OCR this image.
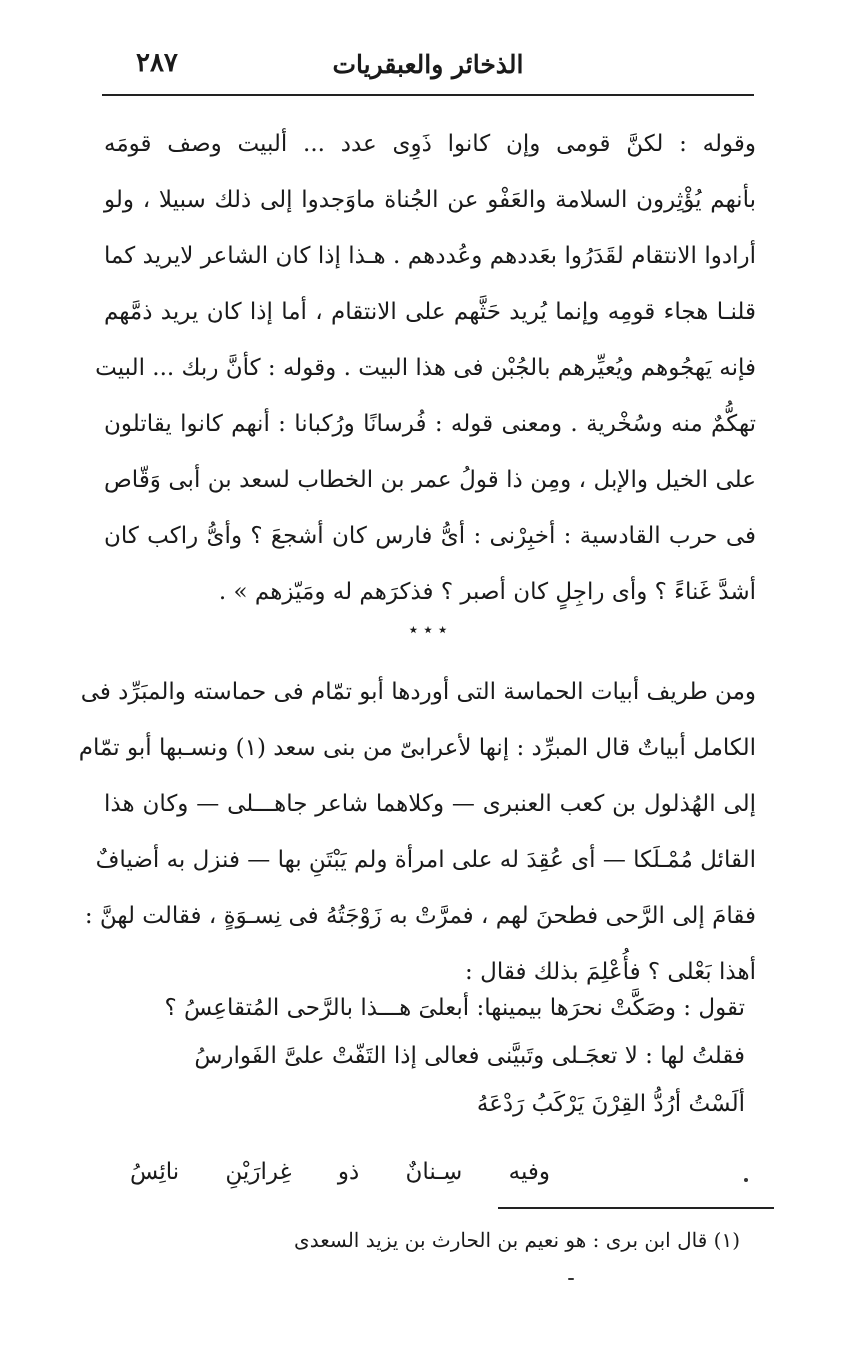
الذخائر والعبقريات
٢٨٧
وقوله : لكنَّ قومى وإن كانوا ذَوِى عدد ... ألبيت وصف قومَه
بأنهم يُؤْثِرون السلامة والعَفْو عن الجُناة ماوَجدوا إلى ذلك سبيلا ، ولو
أرادوا الانتقام لقَدَرُوا بعَددهم وعُددهم . هـذا إذا كان الشاعر لايريد كما
قلنـا هجاء قومِه وإنما يُريد حَثَّهم على الانتقام ، أما إذا كان يريد ذمَّهم
فإنه يَهجُوهم ويُعيِّرهم بالجُبْن فى هذا البيت . وقوله : كأنَّ ربك ... البيت
تهكُّمٌ منه وسُخْرية . ومعنى قوله : فُرسانًا ورُكبانا : أنهم كانوا يقاتلون
على الخيل والإبل ، ومِن ذا قولُ عمر بن الخطاب لسعد بن أبى وَقّاص
فى حرب القادسية : أخبِرْنى : أىُّ فارس كان أشجعَ ؟ وأىُّ راكب كان
أشدَّ غَناءً ؟ وأى راجِلٍ كان أصبر ؟ فذكرَهم له ومَيّزهم » .
٭ ٭ ٭
ومن طريف أبيات الحماسة التى أوردها أبو تمّام فى حماسته والمبَرِّد فى
الكامل أبياتٌ قال المبرِّد : إنها لأعرابىّ من بنى سعد (١) ونسـبها أبو تمّام
إلى الهُذلول بن كعب العنبرى — وكلاهما شاعر جاهـــلى — وكان هذا
القائل مُمْـلَكا — أى عُقِدَ له على امرأة ولم يَبْتَنِ بها — فنزل به أضيافٌ
فقامَ إلى الرَّحى فطحنَ لهم ، فمرَّتْ به زَوْجَتُهُ فى نِسـوَةٍ ، فقالت لهنَّ :
أهذا بَعْلى ؟ فأُعْلِمَ بذلك فقال :
تقول : وصَكَّتْ نحرَها بيمينها: أبعلىَ هـــذا بالرَّحى المُتقاعِسُ ؟
فقلتُ لها : لا تعجَـلى وتَبيَّنى فعالى إذا التَفّتْ علىَّ الفَوارسُ
ألَسْتُ أرُدُّ القِرْنَ يَرْكَبُ رَدْعَهُ
وفيه سِـنانٌ ذو غِرارَيْنِ نائِسُ
(١) قال ابن برى : هو نعيم بن الحارث بن يزيد السعدى
